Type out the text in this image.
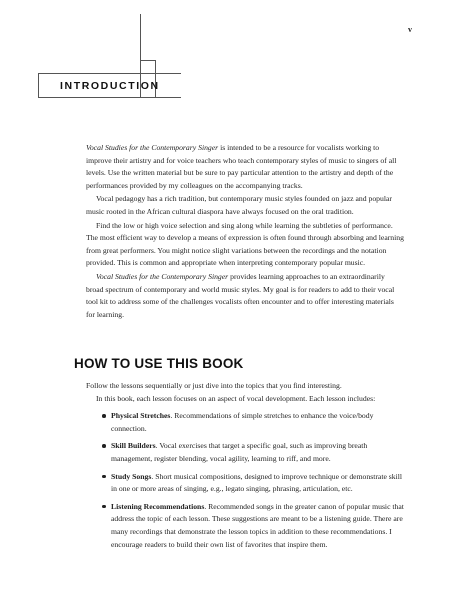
v
INTRODUCTION

Vocal Studies for the Contemporary Singer is intended to be a resource for vocalists working to improve their artistry and for voice teachers who teach contemporary styles of music to singers of all levels. Use the written material but be sure to pay particular attention to the artistry and depth of the performances provided by my colleagues on the accompanying tracks.

Vocal pedagogy has a rich tradition, but contemporary music styles founded on jazz and popular music rooted in the African cultural diaspora have always focused on the oral tradition.

Find the low or high voice selection and sing along while learning the subtleties of performance. The most efficient way to develop a means of expression is often found through absorbing and learning from great performers. You might notice slight variations between the recordings and the notation provided. This is common and appropriate when interpreting contemporary popular music.

Vocal Studies for the Contemporary Singer provides learning approaches to an extraordinarily broad spectrum of contemporary and world music styles. My goal is for readers to add to their vocal tool kit to address some of the challenges vocalists often encounter and to offer interesting materials for learning.

HOW TO USE THIS BOOK

Follow the lessons sequentially or just dive into the topics that you find interesting.

In this book, each lesson focuses on an aspect of vocal development. Each lesson includes:

Physical Stretches. Recommendations of simple stretches to enhance the voice/body connection.
Skill Builders. Vocal exercises that target a specific goal, such as improving breath management, register blending, vocal agility, learning to riff, and more.
Study Songs. Short musical compositions, designed to improve technique or demonstrate skill in one or more areas of singing, e.g., legato singing, phrasing, articulation, etc.
Listening Recommendations. Recommended songs in the greater canon of popular music that address the topic of each lesson. These suggestions are meant to be a listening guide. There are many recordings that demonstrate the lesson topics in addition to these recommendations. I encourage readers to build their own list of favorites that inspire them.
